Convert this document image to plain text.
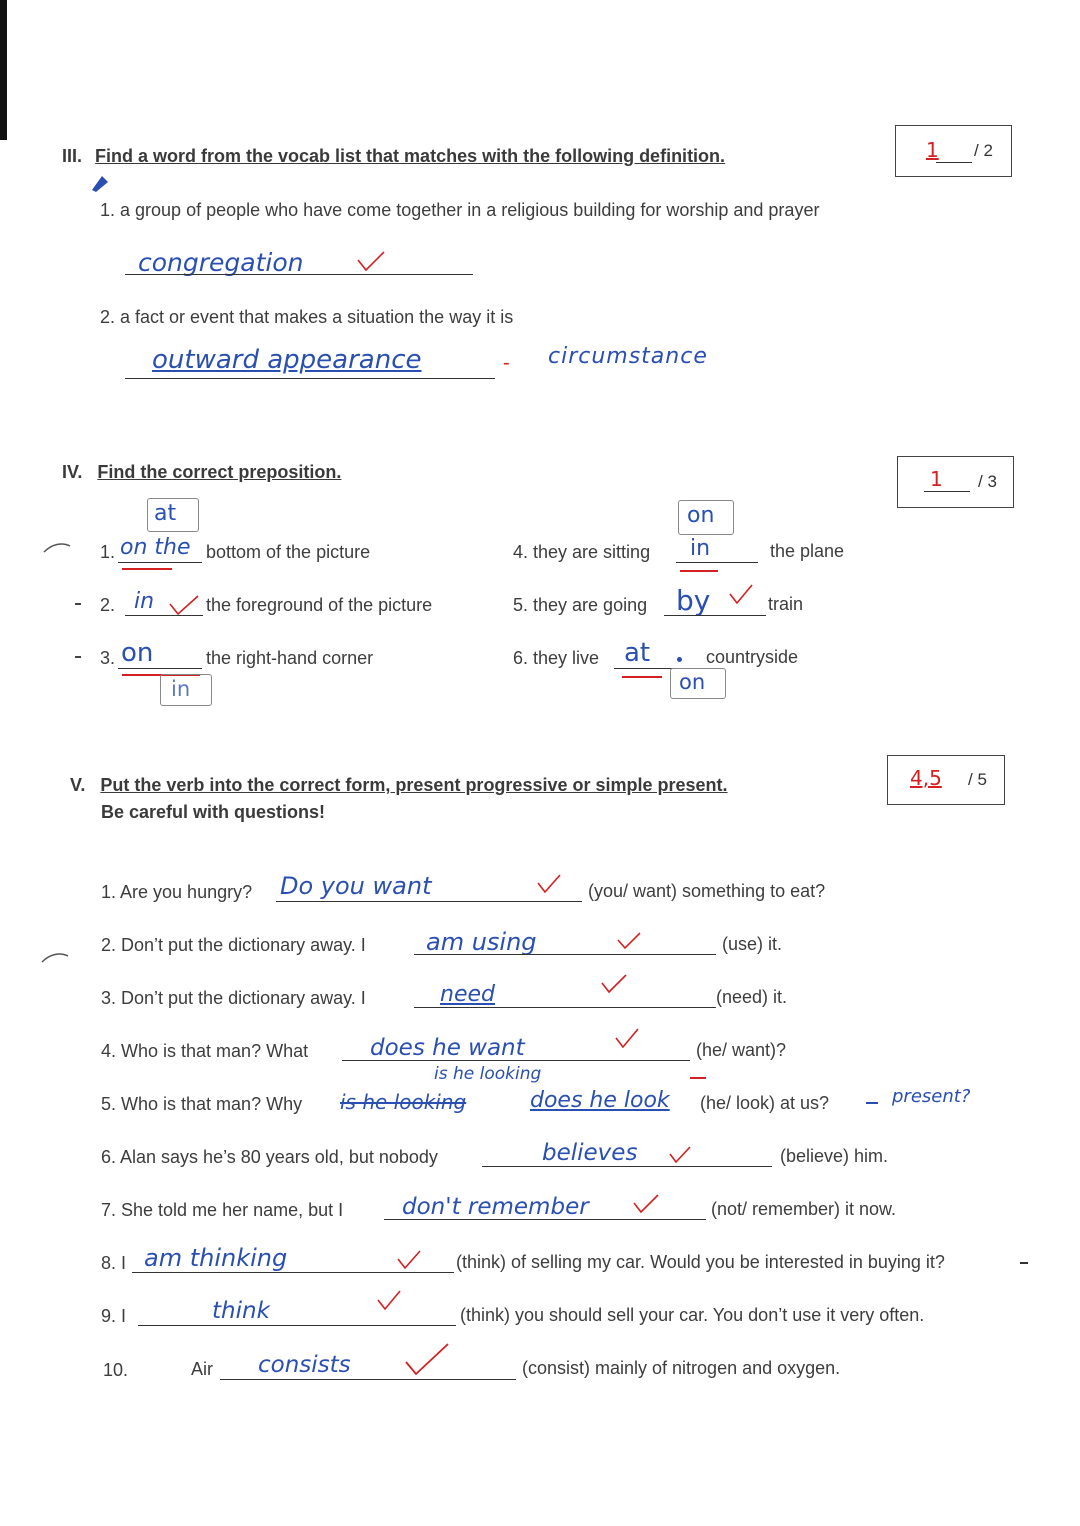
III. Find a word from the vocab list that matches with the following definition.	1 / 2
1. a group of people who have come together in a religious building for worship and prayer
congregation
2. a fact or event that makes a situation the way it is
outward appearance	- circumstance
IV. Find the correct preposition.	1 / 3
at
1. on the bottom of the picture
2. in	the foreground of the picture
3. on
in
the right-hand corner
on
4. they are sitting in	the plane
5. they are going by	train
6. they live at
on
countryside
V. Put the verb into the correct form, present progressive or simple present.
Be careful with questions!
4,5 / 5
1. Are you hungry? Do you want	(you/ want) something to eat?
2. Don’t put the dictionary away. I	am using	(use) it.
3. Don’t put the dictionary away. I	need	(need) it.
4. Who is that man? What	does he want	(he/ want)?
is he looking
5. Who is that man? Why is he looking	does he look (he/ look) at us?	present?
6. Alan says he’s 80 years old, but nobody	believes	(believe) him.
7. She told me her name, but I	don't remember	(not/ remember) it now.
8. I am thinking	(think) of selling my car. Would you be interested in buying it?
9. I	think	(think) you should sell your car. You don’t use it very often.
10.	Air consists	(consist) mainly of nitrogen and oxygen.
